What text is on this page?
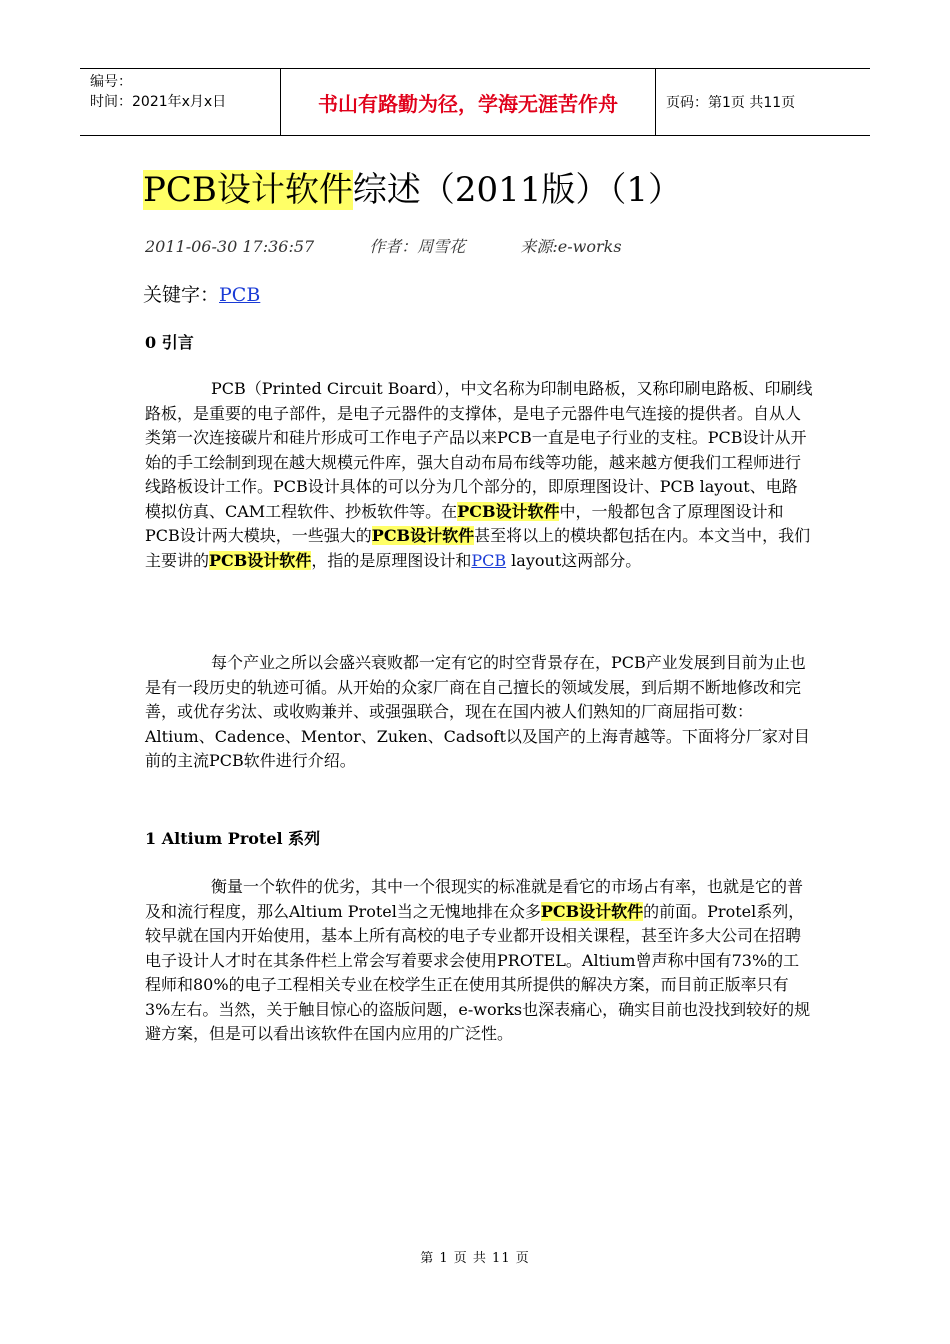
编号：
时间：2021年x月x日	书山有路勤为径，学海无涯苦作舟	页码：第1页 共11页
PCB设计软件综述（2011版）（1）
2011-06-30 17:36:57	作者：周雪花	来源:e-works
关键字：PCB
0 引言

PCB（Printed Circuit Board），中文名称为印制电路板，又称印刷电路板、印刷线路板，是重要的电子部件，是电子元器件的支撑体，是电子元器件电气连接的提供者。自从人类第一次连接碳片和硅片形成可工作电子产品以来PCB一直是电子行业的支柱。PCB设计从开始的手工绘制到现在越大规模元件库，强大自动布局布线等功能，越来越方便我们工程师进行线路板设计工作。PCB设计具体的可以分为几个部分的，即原理图设计、PCB layout、电路模拟仿真、CAM工程软件、抄板软件等。在PCB设计软件中，一般都包含了原理图设计和PCB设计两大模块，一些强大的PCB设计软件甚至将以上的模块都包括在内。本文当中，我们主要讲的PCB设计软件，指的是原理图设计和PCB layout这两部分。

每个产业之所以会盛兴衰败都一定有它的时空背景存在，PCB产业发展到目前为止也是有一段历史的轨迹可循。从开始的众家厂商在自己擅长的领域发展，到后期不断地修改和完善，或优存劣汰、或收购兼并、或强强联合，现在在国内被人们熟知的厂商屈指可数：
Altium、Cadence、Mentor、Zuken、Cadsoft以及国产的上海青越等。下面将分厂家对目前的主流PCB软件进行介绍。

1 Altium Protel 系列

衡量一个软件的优劣，其中一个很现实的标准就是看它的市场占有率，也就是它的普及和流行程度，那么Altium Protel当之无愧地排在众多PCB设计软件的前面。Protel系列，较早就在国内开始使用，基本上所有高校的电子专业都开设相关课程，甚至许多大公司在招聘电子设计人才时在其条件栏上常会写着要求会使用PROTEL。Altium曾声称中国有73%的工程师和80%的电子工程相关专业在校学生正在使用其所提供的解决方案，而目前正版率只有3%左右。当然，关于触目惊心的盗版问题，e-works也深表痛心，确实目前也没找到较好的规避方案，但是可以看出该软件在国内应用的广泛性。

第 1 页 共 11 页
